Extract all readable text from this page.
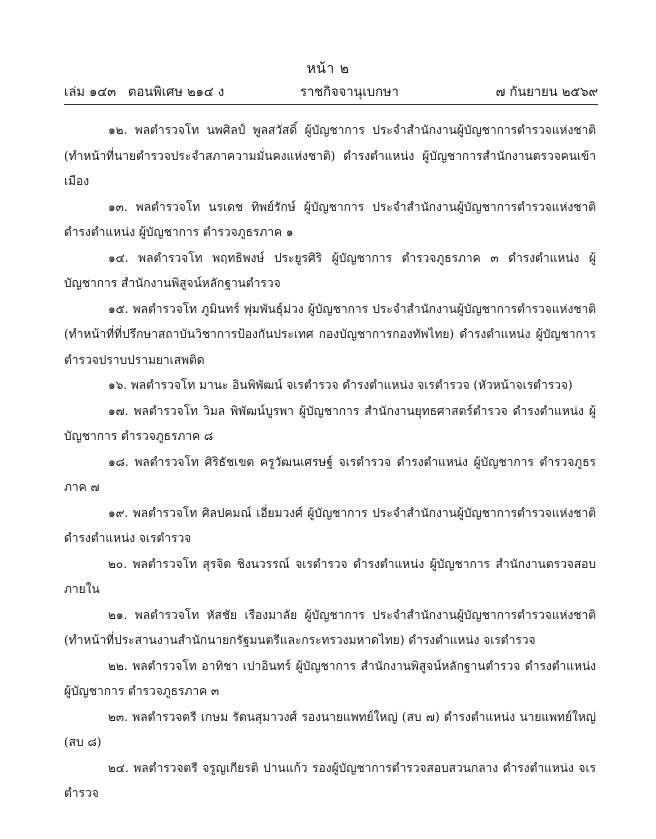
หน้า ๒
เล่ม ๑๔๓ ตอนพิเศษ ๒๑๔ ง	ราชกิจจานุเบกษา	๗ กันยายน ๒๕๖๙

๑๒. พลตำรวจโท นพศิลป์ พูลสวัสดิ์ ผู้บัญชาการ ประจำสำนักงานผู้บัญชาการตำรวจแห่งชาติ (ทำหน้าที่นายตำรวจประจำสภาความมั่นคงแห่งชาติ) ดำรงตำแหน่ง ผู้บัญชาการสำนักงานตรวจคนเข้าเมือง

๑๓. พลตำรวจโท นรเดช ทิพย์รักษ์ ผู้บัญชาการ ประจำสำนักงานผู้บัญชาการตำรวจแห่งชาติ ดำรงตำแหน่ง ผู้บัญชาการ ตำรวจภูธรภาค ๑

๑๔. พลตำรวจโท พฤทธิพงษ์ ประยูรศิริ ผู้บัญชาการ ตำรวจภูธรภาค ๓ ดำรงตำแหน่ง ผู้บัญชาการ สำนักงานพิสูจน์หลักฐานตำรวจ

๑๕. พลตำรวจโท ภูมินทร์ พุ่มพันธุ์ม่วง ผู้บัญชาการ ประจำสำนักงานผู้บัญชาการตำรวจแห่งชาติ (ทำหน้าที่ที่ปรึกษาสถาบันวิชาการป้องกันประเทศ กองบัญชาการกองทัพไทย) ดำรงตำแหน่ง ผู้บัญชาการ ตำรวจปราบปรามยาเสพติด

๑๖. พลตำรวจโท มานะ อินพิพัฒน์ จเรตำรวจ ดำรงตำแหน่ง จเรตำรวจ (หัวหน้าจเรตำรวจ)

๑๗. พลตำรวจโท วิมล พิพัฒน์บูรพา ผู้บัญชาการ สำนักงานยุทธศาสตร์ตำรวจ ดำรงตำแหน่ง ผู้บัญชาการ ตำรวจภูธรภาค ๘

๑๘. พลตำรวจโท ศิริธัชเขต ครูวัฒนเศรษฐ์ จเรตำรวจ ดำรงตำแหน่ง ผู้บัญชาการ ตำรวจภูธรภาค ๗

๑๙. พลตำรวจโท ศิลปคมณ์ เอี่ยมวงศ์ ผู้บัญชาการ ประจำสำนักงานผู้บัญชาการตำรวจแห่งชาติ ดำรงตำแหน่ง จเรตำรวจ

๒๐. พลตำรวจโท สุรจิต ชิงนวรรณ์ จเรตำรวจ ดำรงตำแหน่ง ผู้บัญชาการ สำนักงานตรวจสอบภายใน

๒๑. พลตำรวจโท หัสชัย เรืองมาลัย ผู้บัญชาการ ประจำสำนักงานผู้บัญชาการตำรวจแห่งชาติ (ทำหน้าที่ประสานงานสำนักนายกรัฐมนตรีและกระทรวงมหาดไทย) ดำรงตำแหน่ง จเรตำรวจ

๒๒. พลตำรวจโท อาทิชา เปาอินทร์ ผู้บัญชาการ สำนักงานพิสูจน์หลักฐานตำรวจ ดำรงตำแหน่ง ผู้บัญชาการ ตำรวจภูธรภาค ๓

๒๓. พลตำรวจตรี เกษม รัตนสุมาวงศ์ รองนายแพทย์ใหญ่ (สบ ๗) ดำรงตำแหน่ง นายแพทย์ใหญ่ (สบ ๘)

๒๔. พลตำรวจตรี จรูญเกียรติ ปานแก้ว รองผู้บัญชาการตำรวจสอบสวนกลาง ดำรงตำแหน่ง จเรตำรวจ
